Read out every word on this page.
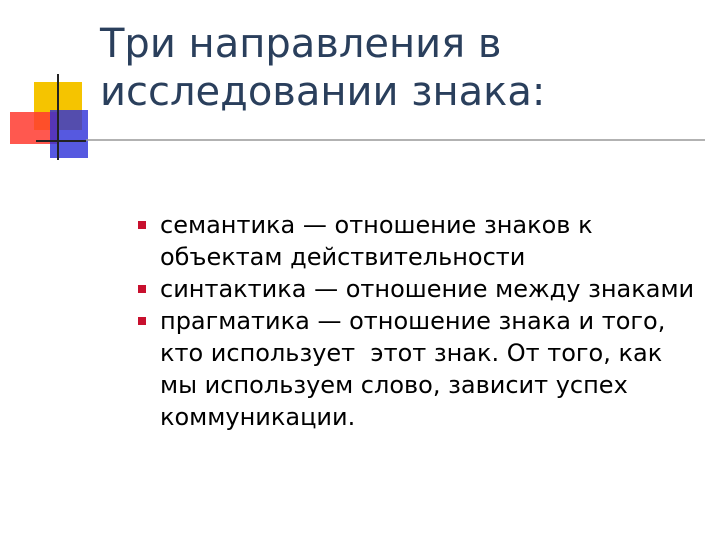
Три направления в
исследовании знака:
семантика — отношение знаков к
объектам действительности
синтактика — отношение между знаками
прагматика — отношение знака и того,
кто использует  этот знак. От того, как
мы используем слово, зависит успех
коммуникации.
